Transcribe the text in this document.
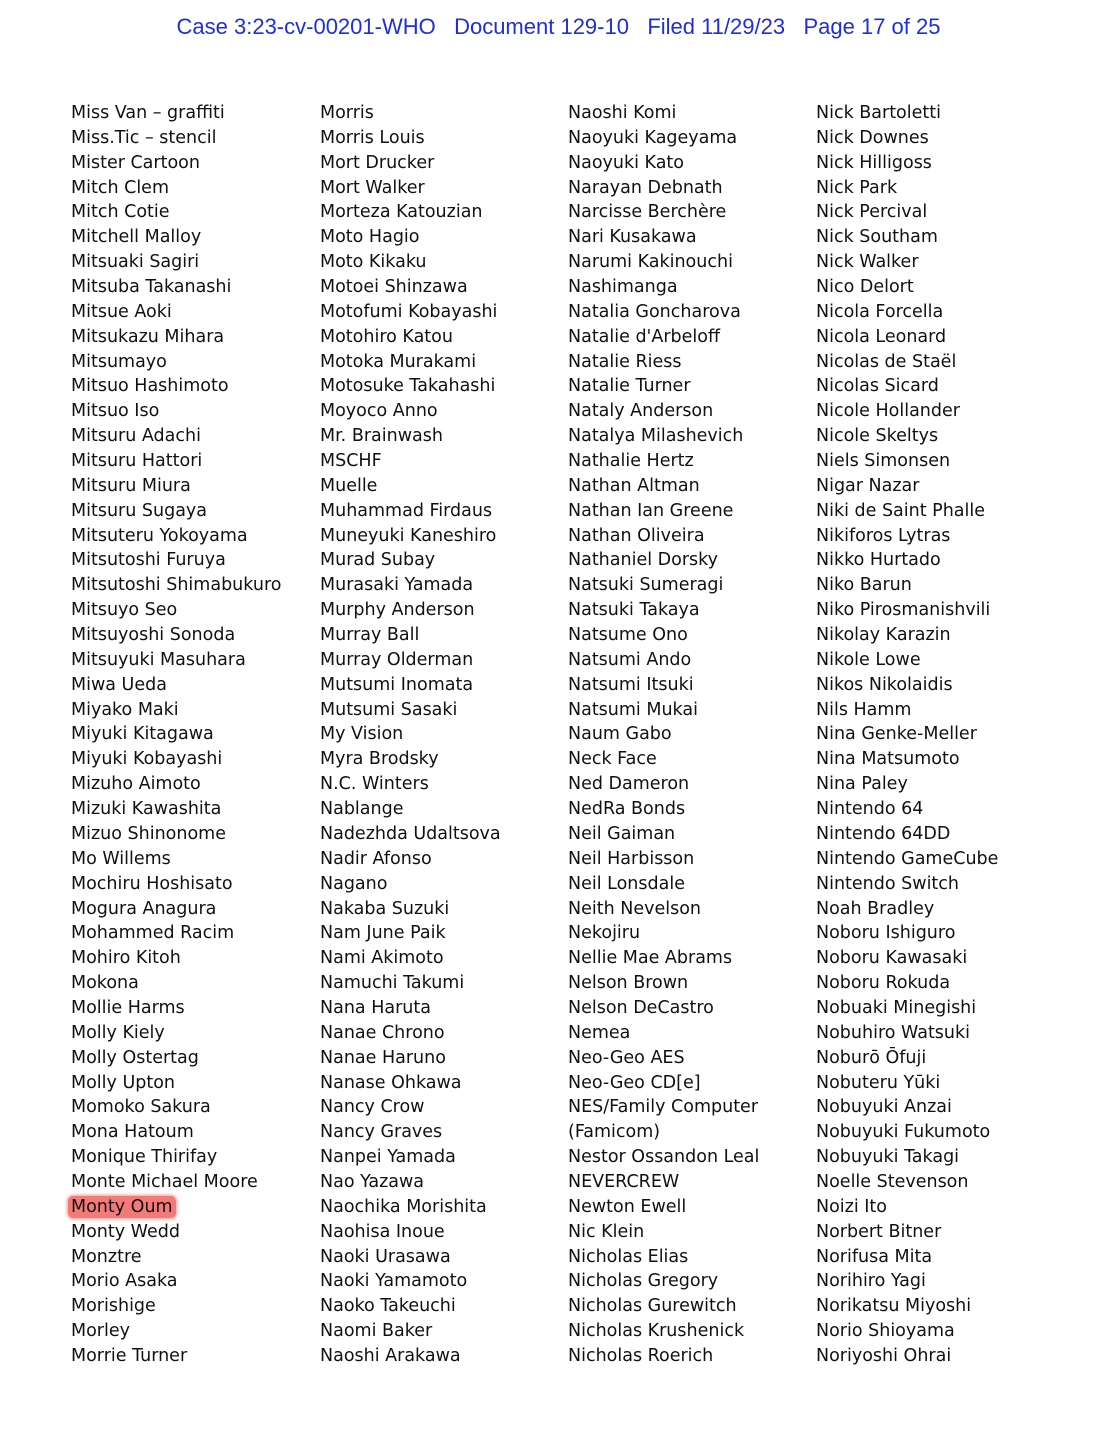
Case 3:23-cv-00201-WHO Document 129-10 Filed 11/29/23 Page 17 of 25
Miss Van – graffiti
Miss.Tic – stencil
Mister Cartoon
Mitch Clem
Mitch Cotie
Mitchell Malloy
Mitsuaki Sagiri
Mitsuba Takanashi
Mitsue Aoki
Mitsukazu Mihara
Mitsumayo
Mitsuo Hashimoto
Mitsuo Iso
Mitsuru Adachi
Mitsuru Hattori
Mitsuru Miura
Mitsuru Sugaya
Mitsuteru Yokoyama
Mitsutoshi Furuya
Mitsutoshi Shimabukuro
Mitsuyo Seo
Mitsuyoshi Sonoda
Mitsuyuki Masuhara
Miwa Ueda
Miyako Maki
Miyuki Kitagawa
Miyuki Kobayashi
Mizuho Aimoto
Mizuki Kawashita
Mizuo Shinonome
Mo Willems
Mochiru Hoshisato
Mogura Anagura
Mohammed Racim
Mohiro Kitoh
Mokona
Mollie Harms
Molly Kiely
Molly Ostertag
Molly Upton
Momoko Sakura
Mona Hatoum
Monique Thirifay
Monte Michael Moore
Monty Oum
Monty Wedd
Monztre
Morio Asaka
Morishige
Morley
Morrie Turner
Morris
Morris Louis
Mort Drucker
Mort Walker
Morteza Katouzian
Moto Hagio
Moto Kikaku
Motoei Shinzawa
Motofumi Kobayashi
Motohiro Katou
Motoka Murakami
Motosuke Takahashi
Moyoco Anno
Mr. Brainwash
MSCHF
Muelle
Muhammad Firdaus
Muneyuki Kaneshiro
Murad Subay
Murasaki Yamada
Murphy Anderson
Murray Ball
Murray Olderman
Mutsumi Inomata
Mutsumi Sasaki
My Vision
Myra Brodsky
N.C. Winters
Nablange
Nadezhda Udaltsova
Nadir Afonso
Nagano
Nakaba Suzuki
Nam June Paik
Nami Akimoto
Namuchi Takumi
Nana Haruta
Nanae Chrono
Nanae Haruno
Nanase Ohkawa
Nancy Crow
Nancy Graves
Nanpei Yamada
Nao Yazawa
Naochika Morishita
Naohisa Inoue
Naoki Urasawa
Naoki Yamamoto
Naoko Takeuchi
Naomi Baker
Naoshi Arakawa
Naoshi Komi
Naoyuki Kageyama
Naoyuki Kato
Narayan Debnath
Narcisse Berchère
Nari Kusakawa
Narumi Kakinouchi
Nashimanga
Natalia Goncharova
Natalie d'Arbeloff
Natalie Riess
Natalie Turner
Nataly Anderson
Natalya Milashevich
Nathalie Hertz
Nathan Altman
Nathan Ian Greene
Nathan Oliveira
Nathaniel Dorsky
Natsuki Sumeragi
Natsuki Takaya
Natsume Ono
Natsumi Ando
Natsumi Itsuki
Natsumi Mukai
Naum Gabo
Neck Face
Ned Dameron
NedRa Bonds
Neil Gaiman
Neil Harbisson
Neil Lonsdale
Neith Nevelson
Nekojiru
Nellie Mae Abrams
Nelson Brown
Nelson DeCastro
Nemea
Neo-Geo AES
Neo-Geo CD[e]
NES/Family Computer
(Famicom)
Nestor Ossandon Leal
NEVERCREW
Newton Ewell
Nic Klein
Nicholas Elias
Nicholas Gregory
Nicholas Gurewitch
Nicholas Krushenick
Nicholas Roerich
Nick Bartoletti
Nick Downes
Nick Hilligoss
Nick Park
Nick Percival
Nick Southam
Nick Walker
Nico Delort
Nicola Forcella
Nicola Leonard
Nicolas de Staël
Nicolas Sicard
Nicole Hollander
Nicole Skeltys
Niels Simonsen
Nigar Nazar
Niki de Saint Phalle
Nikiforos Lytras
Nikko Hurtado
Niko Barun
Niko Pirosmanishvili
Nikolay Karazin
Nikole Lowe
Nikos Nikolaidis
Nils Hamm
Nina Genke-Meller
Nina Matsumoto
Nina Paley
Nintendo 64
Nintendo 64DD
Nintendo GameCube
Nintendo Switch
Noah Bradley
Noboru Ishiguro
Noboru Kawasaki
Noboru Rokuda
Nobuaki Minegishi
Nobuhiro Watsuki
Noburō Ōfuji
Nobuteru Yūki
Nobuyuki Anzai
Nobuyuki Fukumoto
Nobuyuki Takagi
Noelle Stevenson
Noizi Ito
Norbert Bitner
Norifusa Mita
Norihiro Yagi
Norikatsu Miyoshi
Norio Shioyama
Noriyoshi Ohrai
